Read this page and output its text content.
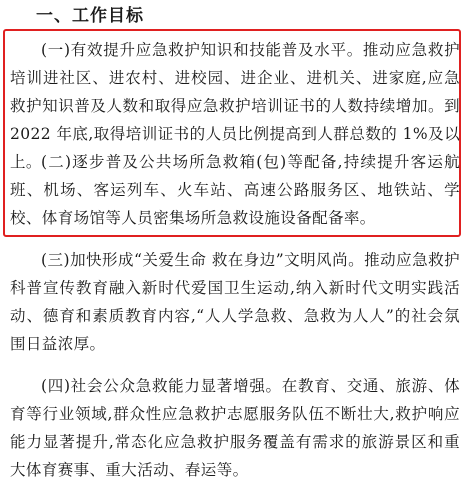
一、工作目标

(一)有效提升应急救护知识和技能普及水平。推动应急救护培训进社区、进农村、进校园、进企业、进机关、进家庭,应急救护知识普及人数和取得应急救护培训证书的人数持续增加。到 2022 年底,取得培训证书的人员比例提高到人群总数的 1%及以上。 (二)逐步普及公共场所急救箱(包)等配备,持续提升客运航班、机场、客运列车、火车站、高速公路服务区、地铁站、学校、体育场馆等人员密集场所急救设施设备配备率。

(三)加快形成“关爱生命 救在身边”文明风尚。推动应急救护科普宣传教育融入新时代爱国卫生运动,纳入新时代文明实践活动、德育和素质教育内容,“人人学急救、急救为人人”的社会氛围日益浓厚。

(四)社会公众急救能力显著增强。在教育、交通、旅游、体育等行业领域,群众性应急救护志愿服务队伍不断壮大,救护响应能力显著提升,常态化应急救护服务覆盖有需求的旅游景区和重大体育赛事、重大活动、春运等。
